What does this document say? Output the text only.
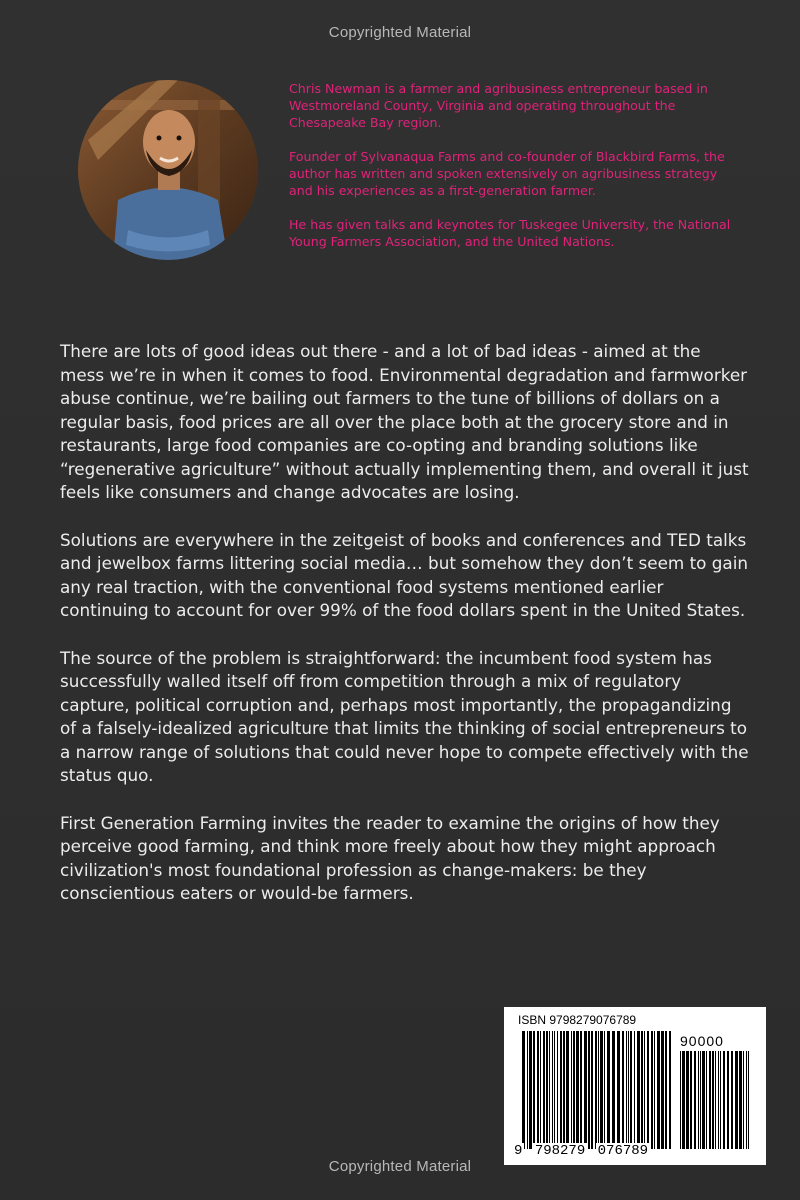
Copyrighted Material

Chris Newman is a farmer and agribusiness entrepreneur based in Westmoreland County, Virginia and operating throughout the Chesapeake Bay region.

Founder of Sylvanaqua Farms and co-founder of Blackbird Farms, the author has written and spoken extensively on agribusiness strategy and his experiences as a first-generation farmer.

He has given talks and keynotes for Tuskegee University, the National Young Farmers Association, and the United Nations.

There are lots of good ideas out there - and a lot of bad ideas - aimed at the mess we’re in when it comes to food. Environmental degradation and farmworker abuse continue, we’re bailing out farmers to the tune of billions of dollars on a regular basis, food prices are all over the place both at the grocery store and in restaurants, large food companies are co-opting and branding solutions like “regenerative agriculture” without actually implementing them, and overall it just feels like consumers and change advocates are losing.

Solutions are everywhere in the zeitgeist of books and conferences and TED talks and jewelbox farms littering social media… but somehow they don’t seem to gain any real traction, with the conventional food systems mentioned earlier continuing to account for over 99% of the food dollars spent in the United States.

The source of the problem is straightforward: the incumbent food system has successfully walled itself off from competition through a mix of regulatory capture, political corruption and, perhaps most importantly, the propagandizing of a falsely-idealized agriculture that limits the thinking of social entrepreneurs to a narrow range of solutions that could never hope to compete effectively with the status quo.

First Generation Farming invites the reader to examine the origins of how they perceive good farming, and think more freely about how they might approach civilization's most foundational profession as change-makers: be they conscientious eaters or would-be farmers.

ISBN 9798279076789
90000
9 798279 076789
Copyrighted Material
